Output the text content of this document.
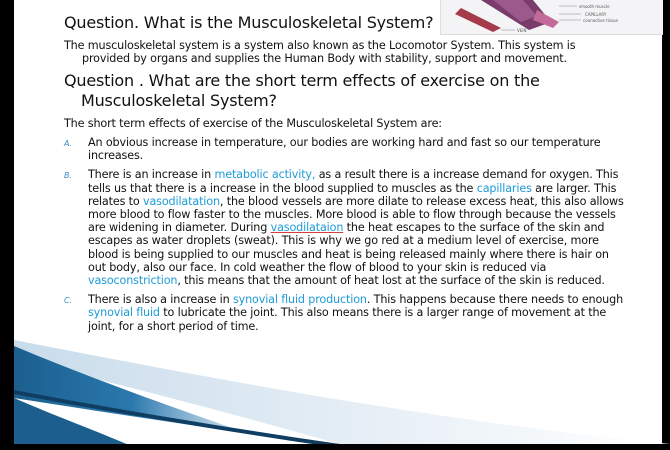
smooth muscle
CAPILLARY
connective tissue
VEIN
Question. What is the Musculoskeletal System?

The musculoskeletal system is a system also known as the Locomotor System. This system is
provided by organs and supplies the Human Body with stability, support and movement.

Question . What are the short term effects of exercise on the
Musculoskeletal System?

The short term effects of exercise of the Musculoskeletal System are:

A. An obvious increase in temperature, our bodies are working hard and fast so our temperature increases.
B. There is an increase in metabolic activity, as a result there is a increase demand for oxygen. This tells us that there is a increase in the blood supplied to muscles as the capillaries are larger. This relates to vasodilatation, the blood vessels are more dilate to release excess heat, this also allows more blood to flow faster to the muscles. More blood is able to flow through because the vessels are widening in diameter. During vasodilataion the heat escapes to the surface of the skin and escapes as water droplets (sweat). This is why we go red at a medium level of exercise, more blood is being supplied to our muscles and heat is being released mainly where there is hair on out body, also our face. In cold weather the flow of blood to your skin is reduced via vasoconstriction, this means that the amount of heat lost at the surface of the skin is reduced.
C. There is also a increase in synovial fluid production. This happens because there needs to enough synovial fluid to lubricate the joint. This also means there is a larger range of movement at the joint, for a short period of time.
